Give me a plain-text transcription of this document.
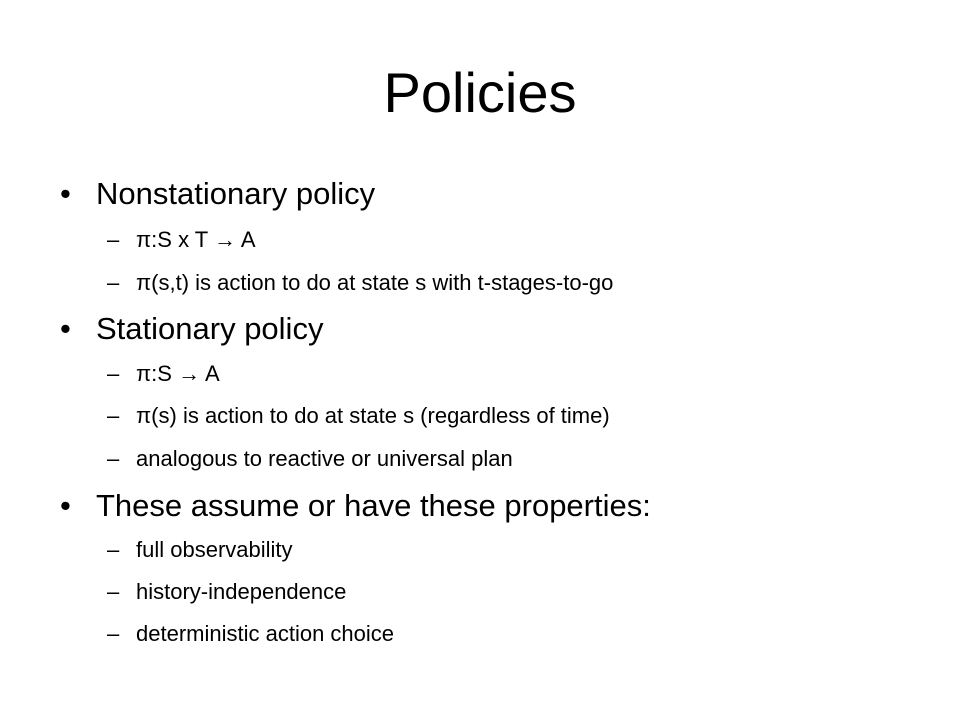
Policies
• Nonstationary policy
– π:S x T → A
– π(s,t) is action to do at state s with t-stages-to-go
• Stationary policy
– π:S → A
– π(s) is action to do at state s (regardless of time)
– analogous to reactive or universal plan
• These assume or have these properties:
– full observability
– history-independence
– deterministic action choice
